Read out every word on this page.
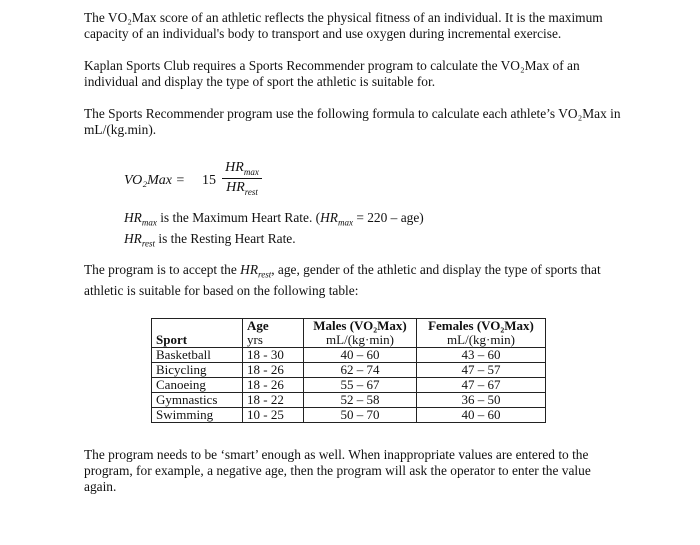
The VO₂Max score of an athletic reflects the physical fitness of an individual. It is the maximum capacity of an individual's body to transport and use oxygen during incremental exercise.

Kaplan Sports Club requires a Sports Recommender program to calculate the VO₂Max of an individual and display the type of sport the athletic is suitable for.

The Sports Recommender program use the following formula to calculate each athlete’s VO₂Max in mL/(kg.min).

VO₂Max = 15
$HR_{max}$
$HR_{rest}$
$HR_{max}$ is the Maximum Heart Rate. $(HR_{max} = 220 - age)$
$HR_{rest}$ is the Resting Heart Rate.

The program is to accept the $HR_{rest}$, age, gender of the athletic and display the type of sports that athletic is suitable for based on the following table:

	Age	Males (VO₂Max)	Females (VO₂Max)
Sport	yrs	mL/(kg·min)	mL/(kg·min)
Basketball	18 - 30	40 – 60	43 – 60
Bicycling	18 - 26	62 – 74	47 – 57
Canoeing	18 - 26	55 – 67	47 – 67
Gymnastics	18 - 22	52 – 58	36 – 50
Swimming	10 - 25	50 – 70	40 – 60

The program needs to be ‘smart’ enough as well. When inappropriate values are entered to the program, for example, a negative age, then the program will ask the operator to enter the value again.
